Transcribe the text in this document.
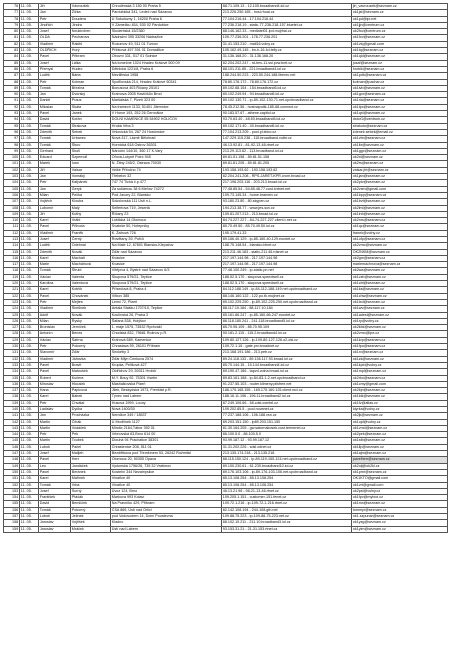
76	11. 05.	Jiří	Vávroušek	Chrudimská 3 150 00 Praha 5	88.71.109.13 - 12.105.broadband4.iol.cz	jiri_vavrousek@seznam.cz
77	11. 05.	Jan	Žižka	Pardubická 341, Ledeč nad Sázavou	213.226.250.165 - hosi.rhoal.cz	ok1jzi@seznam.cz
78	11. 05.	Petr	Doudera	U Sokolovny 1, 16200 Praha 6	77.104.216.44 - 17.104.216.44	ok1pd@ipi.net
79	11. 05.	Jindřich	Jindra	V Zámečku 454, 530 02 Pardubice	77.236.218.19 - static-77-236-218-157.bluetel.cz	ok1jjn@centrum.cz
80	11. 05.	Josef	Neukirchen	Studentská 15/2360	88.146.162.33 - mediatel01.ipd.mujrhal.cz	ok2fov@centrum.cz
81	11. 05.	OLDA	Pecharovs	Nádražní 395 33206 Nádražice	109.77.236.201 - 178.77.236.201	ok1fov@seznam.cz
82	11. 05.	Vladimír	Rakitš	Rozumov 49, 511 01 Turnov	31.41.153.210 - mail16.volny.cz	ok1vlq@gmail.com
83	11. 05.	OLDŘICH	Horý	Příbková 497 391 01 Domažlice	105.162.49.145 - bn-h-16.4d.telly.cz	ok1tq@seznam.cz
84	11. 05.	Pavel	Přibram	Obuvní 331, 517 01 Solnice	31.136.168.20 - 31.136.168.20	ok1qid@seznam.cz
85	11. 05.	Josef	Lálka	Na tomečné 1024 Hradec Králové 500 09	82.204.202.247 - rd-tmv-11.ssl.pvw.tnet.cz	josaf@seznam.cz
86	11. 05.	Přemysl	Hudec	Dělnická 1221/8, Praha 6	88.101.211.85 - 221.broadband4.iol.cz	hrobik@seznam.cz
87	11. 05.	Luděk	Bárta	Mezilibská 1958	188.244.50.223 - 223.50.244.188.liberec.net	ok1pdb@seznam.cz
88	11. 05.	Petr	Kolman	Spofilovská 214, Hradec Králové 50341	78.80.176.172 - 78.80.176.172.cz	kolman@pachar.cz
89	11. 05.	Tomáš	Březina	Bonusová 403 Říčany 25101	89.102.68.154 - 154.broadband6.iol.cz	ok1ivb@seznam.cz
90	11. 05.	Jan	Dvorský	Kramova 2005 Havlíčkův Brod	89.102.249.94 - 94.broadband6.iol.cz	ok1gor@seznam.cz
91	11. 05.	Daniel	Praus	Maršálská 7, Plzeň 323 00	89.102.130.71 - ip-89-102-130-71.net.upcbroadband.cz	ok1ria@seznam.cz
92	11. 05.	Miloslav	Skála	Na tramech 1133, 51401 Jilemnice	78.45.212.56 - hostnapotik-185-68.connect.cz	ok1tpx@seznam.cz
93	11. 05.	Pavel	Janek	V Horce 193, 252 26 Černošice	90.183.57.67 - athene.capitol.cz	ok1qxl@seznam.cz
94	11. 05.	David	Kořán	DOLNÍ KAMENICE 55 54902 HOLIČOV	93.70.63.40 - 48.50.broadband6.iol.cz	dstor1@centrum.cz
95	11. 05.	Tomáš	Strakova	Hrubá Vrba 3	89.102.171.40 - 40.broadband6.iol.cz	strakoto@seznam.cz
96	11. 05.	Zdeněk	Šebek	Vršovická 54, 267 24 Hostomice	77.104.213.209 - pool.pl.telco.cz	zdenek.sebek@email.cz
97	11. 05.	Tomáš	Urbanec	Nová 317, Lázně Bělohrad	147.229.115.238 - 115.broadband.vutbr.cz	ok1vbr@seznam.cz
98	11. 05.	Tomáš	Šturc	Hornická 618 Ostrov 36301	46.13.92.81 - 81-92-13-46.rtnet.cz	ok1ltx@seznam.cz
99	11. 05.	Gerhard	Skoll	Národní 144/10, 360 17 K.Vary	213.29.113.62 - 113.broadband.iol.cz	ok1ggx@seznam.cz
100	11. 05.	Eduard	Szpernoll	Ořová-Lutyně Polní 945	89.81.51.158 - 89.81.51.158	ok2xl@seznam.cz
101	11. 05.	Marek	Ivan	N. Žitný 245/2, Ostrava 70030	89.81.81.205 - 89.81.81.205	ok2rs@seznam.cz
102	11. 05.	Jiří	Vaisar	Velké Přítočno 74	193.158.193.62 - 193.158.193.62	vaisar.jiri@seznam.cz
103	11. 05.	Jan	Vomáký	Třebelov 32	82.204.241.208 - RPS-JARET-KPR.crom.broad.cz	ok1jan@seznam.cz
104	11. 05.	Petr	Kafpánek	747 74 Tichá č.p.477	217.196.203.116 - 203.213.broad.iol.cz	ok2ptv@seznam.cz
105	11. 05.	Jan	Geryk	Za sušárnou 38 6 Meňov 74272	77.48.85.54 - 54.85.48.77.cust.tvrtnet.net	ok2vxm@gmail.com
106	11. 05.	Milan	Pečka	Pod Javory 22, Blansko	109.73.145.34 - home.brameix.cz	ok1bpp@seznam.cz
107	11. 05.	Vojtěch	Klouba	Sokolovská 111 Ústí n.L.	93.180.23.80 - 80.skypen.cz	ok1bvt@seznam.cz
108	11. 05.	Lubomír	Malý	Seifertova 719, Jesenik	194.213.38.77 - www.jes-sov.cz	ok2lml@seznam.cz
109	11. 05.	Jiří	Kuthý	Říčany 23	109.81.207.213 - 213.broad.iol.cz	ok1inb@seznam.cz
110	11. 05.	Karel	Vrábl	Luštická 14,Olomouc	84.74.227.227 - 84-74-227-227.client.t-net.cz	ok2nrs@seznam.cz
111	11. 05.	Pavel	Přihoda	Svatoše 50, Hořepníky	85.70.49.50 - 85.70.49.50.iol.cz	ok1qc@seznam.cz
112	11. 05.	Vladimír	Franěk	K. Žabová 726	195.179.41.33	franek@volny.cz
113	11. 05.	Josef	Černý	Rovětany 39, Poříčí	89.166.40.129 - ip-85-160-40-129.eurotel.cz	ok1ofp@seznam.cz
114	11. 05.	Luděk	Odehnal	Na Malé 12, 67801 Blansko-Klepačov	188.75.148.54 - blansko.blnet.cz	ok2vmc@seznam.cz
115	11. 05.	Zdeněk	Novák	Žďár nad Sázavou	213.211.46.183 - static-211.46.rdsnet.cz	OK2NKM@seznam.cz
116	11. 05.	Karel	Macháň	Kvasice	217.197.144.98 - 217.197.144.98	ok2gm@seznam.cz
117	11. 05.	Marie	Macháňová	Kvasice	217.197.144.98 - 217.197.144.98	mariemachnova@seznam.cz
118	11. 05.	Tomáš	Štrubl	Vítějova 4, Bystré nad Sázavou 6/3	77.48.100.249 - ip-static.pn.net	ok2wa@seznam.cz
119	11. 05.	Václav	Valenta	Skupova 579/21, Teplice	188.52.5.170 - skupova.speedwell.cz	ok1vzb@seznam.cz
120	11. 05.	Karolina	Valentová	Skupova 579/21, Teplice	188.52.5.170 - skupova.speedwell.cz	ok1cbt@seznam.cz
121	11. 05.	Karel	Kotrlík	Přísedová 8, Praha 4	84.112.188.149 - ip-84-112-188-149.net.upcbroadband.cz	ok1ks@seznam.cz
122	11. 05.	Pavel	Chovánek	Vítkov 385	88.146.160.122 - 122.po.tk.mujinet.cz	ok1chw@seznam.cz
123	11. 05.	Petr	Mejtes	Leimí 72, Plzeň	89.102.225.250 - ip-89-102-225-250.net.upcbroadband.cz	ok1txd@seznam.cz
124	11. 05.	Vladimír	Šimůnek	Antala Stašku 1707/10, Teplice	88.117.10.184 - 88.117.10.184	ok1wv@seznam.cz
125	11. 05.	Adolf	Novák	Koulínská 26, Praha 3	85.161.66.247 - ip-85-160-66-247.eurotel.cz	ok1adesi@seznam.cz
126	11. 05.	Milan	Rysky	Šafaná 538, Holýšov	86.118.180.241 - 241.118.broadband5.iol.cz	ok1ry@volny.cz
127	11. 05.	Bronislav	Jerníček	1. máje 1575, 73532 Rychvald	85.70.95.109 - 85.70.95.109	ok2kbk@seznam.cz
128	11. 05.	Antonín	Benes	Chodská 832, 79681 Rožnov p.R.	90.181.2.115 - 115.2.broadband4.iol.cz	ok2vmo@ipe.cz
129	11. 05.	Václav	Šafrna	Krahová 589, Kamenice	109.80.127.126 - ip-109-80-127-126.o2-dsl.cz	ok1krp@seznam.cz
130	11. 05.	Petr	Pokorný	Chrastava 59, 26101 Příbram	109.72.1.16 - gate.prv.broadnet.cz	ok1fpo@seznam.cz
131	11. 05.	Slavomír	Žďár	Seckéby 3	213.168.191.186 - 213.petr.cz	ok1rx@seznam.cz
132	11. 05.	Vladimír	Jáňovka	Žďár Mlýn Čenkova 2574	89.24.118.133 - 89.136.117.93.broad.iol.cz	ok1zk@seznam.cz
133	11. 05.	Pavel	Bravit	Krupka, Pelišová 427	85.70.144.15 - 15.144.broadband4.iol.cz	ok1kpb@volny.cz
134	11. 05.	Pavel	Matoušek	Oldřichov 29, 50311 Hrobčí	89.190.47.186 - tapvd.volna.broad.iol.cz	ok1mpl@seznam.cz
135	11. 05.	Robert	Kučera	M.Y. Bouy 92, 75301 Vsetín	89.83.161.188 - ip-84-83-1-2.net.upcbroadband.cz	ok2rko@seznam.cz
136	11. 05.	Miroslav	Hloušek	Masňalkovská Plzeň	91.237.55.103 - router.klimeny.pilsfree.net	ok1cmy@gmail.com
137	11. 05.	Hana	Papicová	Jilek, Beskydská 1973, Frenštát p.R.	188.175.165.155 - 165.175.160.125.client.mcl.cz	ok2bjn@seznam.cz
138	11. 05.	Karel	Babek	Týnec nad Labem	188.16.11.196 - 196.11.broadband2.iol.cz	ok1bik@seznam.cz
139	11. 05.	Petr	Chvátal	Husova 1999, Louny	87.249.106.66 - 66.cdsl.comtel.cz	ok1fv@atlas.cz
140	11. 05.	Ladislav	Dyčka	Nová 1400/30	109.202.85.5 - pool.novanet.cz	ldyrka@volny.cz
141	11. 05.	Jan	Procházka	Nemčice 349 / 1853T	77.237.188.106 - 106.188.vsn.cz	ok2jk@seznam.cz
142	11. 05.	Martin	Čihák	U Modřínek 1127	89.203.151.150 - ip89.203.151.150	ok1ujd@volny.cz
143	11. 05.	Martin	Vodáček	Mirotic 2164,Tábor 392 01	81.30.164.205 - gw.saturnakosek.cust.termenet.cz	ok1vmd@seznam.cz
144	11. 05.	Petr	Pek	Vrbnovská 63,Brno 614 00	86.100.5.0 - 86.100.5.0	ok2pek@seznam.cz
145	11. 05.	Martin	Toubek	Dlouhá 94 Prachatice 38301	93.99.187.12 - 93.99.187.12	ok1stb@seznam.cz
146	11. 05.	Luboš	Pačel	Chrastenice 208, 511 01	31.31.202.226 - sdsl.odnet.cz	ok1llp@seznam.cz
147	11. 05.	Josef	Malijeh	Bezdětkova pod Třemšínem 53, 26242 Rožmitál	213.135.174.218 - 213.135.218	ok1ajm@seznam.cz
148	11. 05.	Pavel	Herr	Olomouc 20, 50305 Opava	88.115.150.124 - ip-89-119-150-124.net.upcbroadband.cz	pavelherr@seznam.cz
149	11. 05.	Leo	Jandáček	Vydonská 1756/26, 735 32 Vratimov	89.100.230.61 - 61.230.broadband10.iol.cz	ok2ulj@ok2kl.cz
150	11. 05.	Pavel	Beránek	Kostelní 344 Nezamyslice	89.176.103.106 - ip-89-176-103-106.net.upcbroadband.cz	ok1pmr@seznam.cz
151	11. 05.	Karel	Mařinek	Vinařice 40	85.13.108.254 - 85.13.108.254	OK1KTO@gmail.com
152	11. 05.	Tomáš	Vrba	Vinařice 40	85.13.108.254 - 85.13.108.254	ok1vrt@gmail.com
153	11. 05.	Josef	Surný	Úvoz 124, Brno	46.13.21.98 - 98-21-13-46.rtnet.cz	ok2psl@volny.cz
154	11. 05.	František	Ptáčák	Markova 993 Kolaví	109.205.1.151 - customer-151.fenet.cz	ok1fpv@mybox.cz
155	11. 05.	David	Benšíček	Na Pravníku 429, Příbram	109.72.1.216 - ip-109-72-1-216.rtnet.cz	ok1mx@seznam.cz
156	11. 05.	Tomáš	Pokorný	ČSA 869, Ústí nad Orlicí	82.142.108.194 - 244-108.gth.net	tommyr@seznam.cz
157	11. 05.	Luboš	Jelínek	pod Vodovodem 14, Dolní Poustevna	109.88.75.223 - ip-109-88-75-223.net.cz	ok1.szpunar@seznam.cz
158	11. 05.	Jaroslav	Vojtíšek	Kladno	88.102.10.211 - 211.10.broadband3.iol.cz	ok1yzg@seznam.cz
159	11. 05.	Jaroslav	Mráček	Ústí nad Labem	93.153.31.21 - 21-31.153.rtnet.cz	ok1yim@seznam.cz
